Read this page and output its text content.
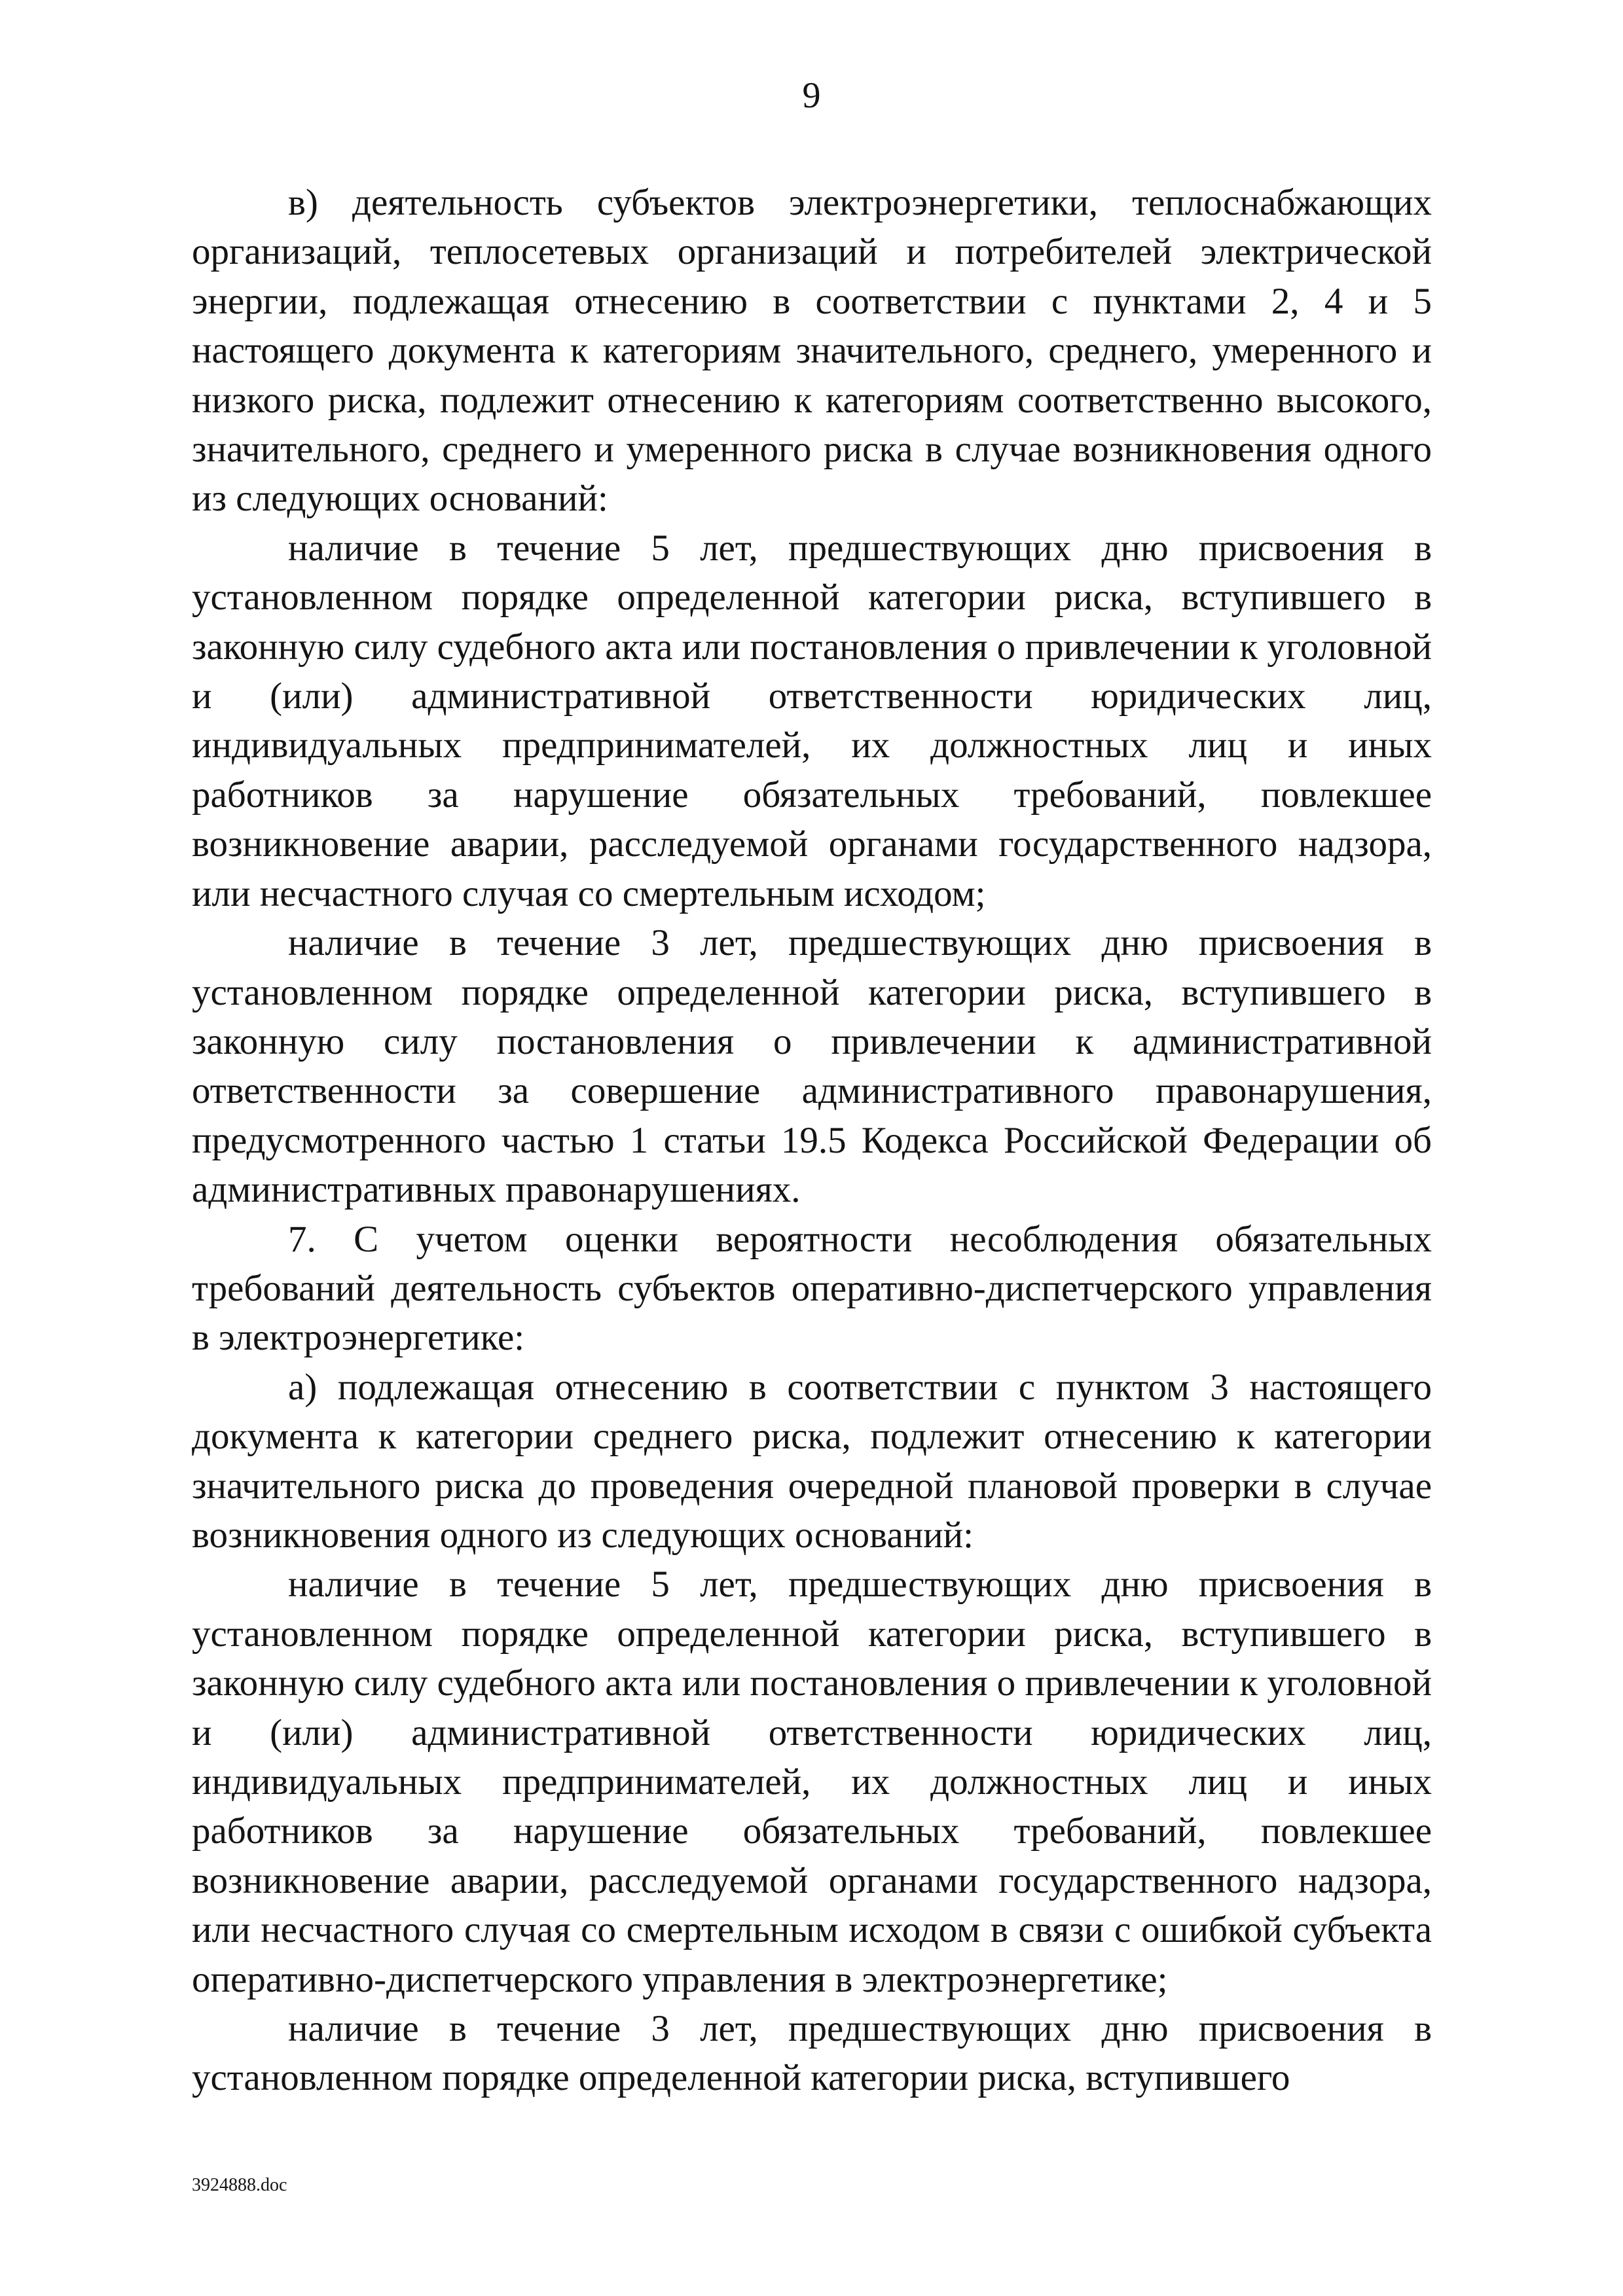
9

в) деятельность субъектов электроэнергетики, теплоснабжающих организаций, теплосетевых организаций и потребителей электрической энергии, подлежащая отнесению в соответствии с пунктами 2, 4 и 5 настоящего документа к категориям значительного, среднего, умеренного и низкого риска, подлежит отнесению к категориям соответственно высокого, значительного, среднего и умеренного риска в случае возникновения одного из следующих оснований:

наличие в течение 5 лет, предшествующих дню присвоения в установленном порядке определенной категории риска, вступившего в законную силу судебного акта или постановления о привлечении к уголовной и (или) административной ответственности юридических лиц, индивидуальных предпринимателей, их должностных лиц и иных работников за нарушение обязательных требований, повлекшее возникновение аварии, расследуемой органами государственного надзора, или несчастного случая со смертельным исходом;

наличие в течение 3 лет, предшествующих дню присвоения в установленном порядке определенной категории риска, вступившего в законную силу постановления о привлечении к административной ответственности за совершение административного правонарушения, предусмотренного частью 1 статьи 19.5 Кодекса Российской Федерации об административных правонарушениях.

7. С учетом оценки вероятности несоблюдения обязательных требований деятельность субъектов оперативно-диспетчерского управления в электроэнергетике:

а) подлежащая отнесению в соответствии с пунктом 3 настоящего документа к категории среднего риска, подлежит отнесению к категории значительного риска до проведения очередной плановой проверки в случае возникновения одного из следующих оснований:

наличие в течение 5 лет, предшествующих дню присвоения в установленном порядке определенной категории риска, вступившего в законную силу судебного акта или постановления о привлечении к уголовной и (или) административной ответственности юридических лиц, индивидуальных предпринимателей, их должностных лиц и иных работников за нарушение обязательных требований, повлекшее возникновение аварии, расследуемой органами государственного надзора, или несчастного случая со смертельным исходом в связи с ошибкой субъекта оперативно-диспетчерского управления в электроэнергетике;

наличие в течение 3 лет, предшествующих дню присвоения в установленном порядке определенной категории риска, вступившего

3924888.doc
